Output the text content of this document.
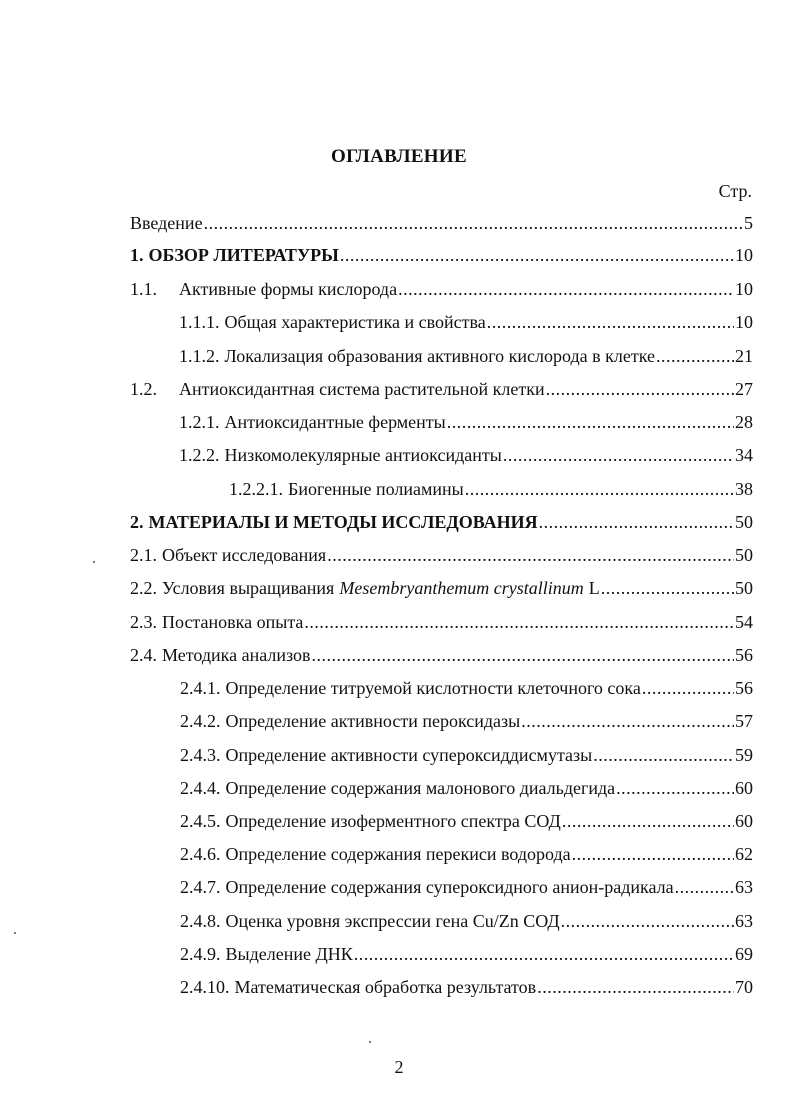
ОГЛАВЛЕНИЕ
Стр.
Введение .....	5
1. ОБЗОР ЛИТЕРАТУРЫ .....	10
1.1.	Активные формы кислорода .....	10
1.1.1. Общая характеристика и свойства .....	10
1.1.2. Локализация образования активного кислорода в клетке .....	21
1.2.	Антиоксидантная система растительной клетки .....	27
1.2.1. Антиоксидантные ферменты .....	28
1.2.2. Низкомолекулярные антиоксиданты .....	34
1.2.2.1. Биогенные полиамины .....	38
2. МАТЕРИАЛЫ И МЕТОДЫ ИССЛЕДОВАНИЯ .....	50
2.1. Объект исследования .....	50
2.2. Условия выращивания Mesembryanthemum crystallinum L .....	50
2.3. Постановка опыта .....	54
2.4. Методика анализов .....	56
2.4.1. Определение титруемой кислотности клеточного сока .....	56
2.4.2. Определение активности пероксидазы .....	57
2.4.3. Определение активности супероксиддисмутазы .....	59
2.4.4. Определение содержания малонового диальдегида .....	60
2.4.5. Определение изоферментного спектра СОД .....	60
2.4.6. Определение содержания перекиси водорода .....	62
2.4.7. Определение содержания супероксидного анион-радикала .....	63
2.4.8. Оценка уровня экспрессии гена Cu/Zn СОД .....	63
2.4.9. Выделение ДНК .....	69
2.4.10. Математическая обработка результатов .....	70
2
